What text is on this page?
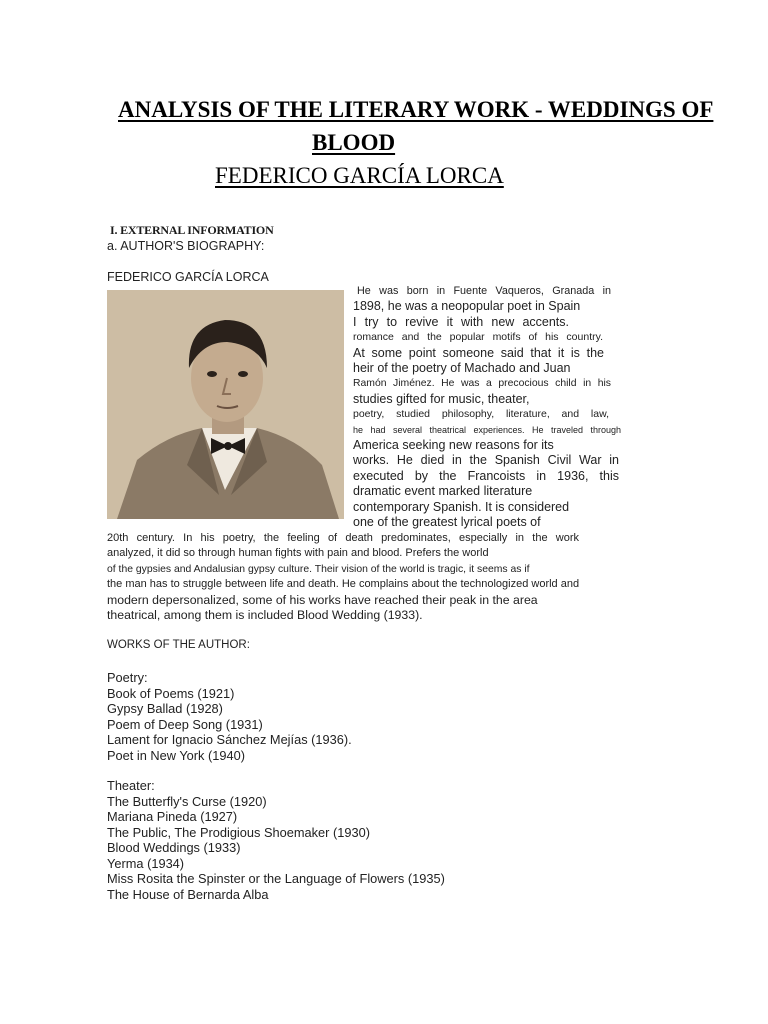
ANALYSIS OF THE LITERARY WORK - WEDDINGS OF
BLOOD
FEDERICO GARCÍA LORCA
I. EXTERNAL INFORMATION
a. AUTHOR'S BIOGRAPHY:
FEDERICO GARCÍA LORCA

He was born in Fuente Vaqueros, Granada in

1898, he was a neopopular poet in Spain

I try to revive it with new accents.

romance and the popular motifs of his country.

At some point someone said that it is the

heir of the poetry of Machado and Juan

Ramón Jiménez. He was a precocious child in his

studies gifted for music, theater,

poetry, studied philosophy, literature, and law,

he had several theatrical experiences. He traveled through

America seeking new reasons for its

works. He died in the Spanish Civil War in

executed by the Francoists in 1936, this

dramatic event marked literature

contemporary Spanish. It is considered

one of the greatest lyrical poets of

20th century. In his poetry, the feeling of death predominates, especially in the work

analyzed, it did so through human fights with pain and blood. Prefers the world

of the gypsies and Andalusian gypsy culture. Their vision of the world is tragic, it seems as if

the man has to struggle between life and death. He complains about the technologized world and

modern depersonalized, some of his works have reached their peak in the area

theatrical, among them is included Blood Wedding (1933).

WORKS OF THE AUTHOR:
Poetry:
Book of Poems (1921)
Gypsy Ballad (1928)
Poem of Deep Song (1931)
Lament for Ignacio Sánchez Mejías (1936).
Poet in New York (1940)
Theater:
The Butterfly's Curse (1920)
Mariana Pineda (1927)
The Public, The Prodigious Shoemaker (1930)
Blood Weddings (1933)
Yerma (1934)
Miss Rosita the Spinster or the Language of Flowers (1935)
The House of Bernarda Alba
